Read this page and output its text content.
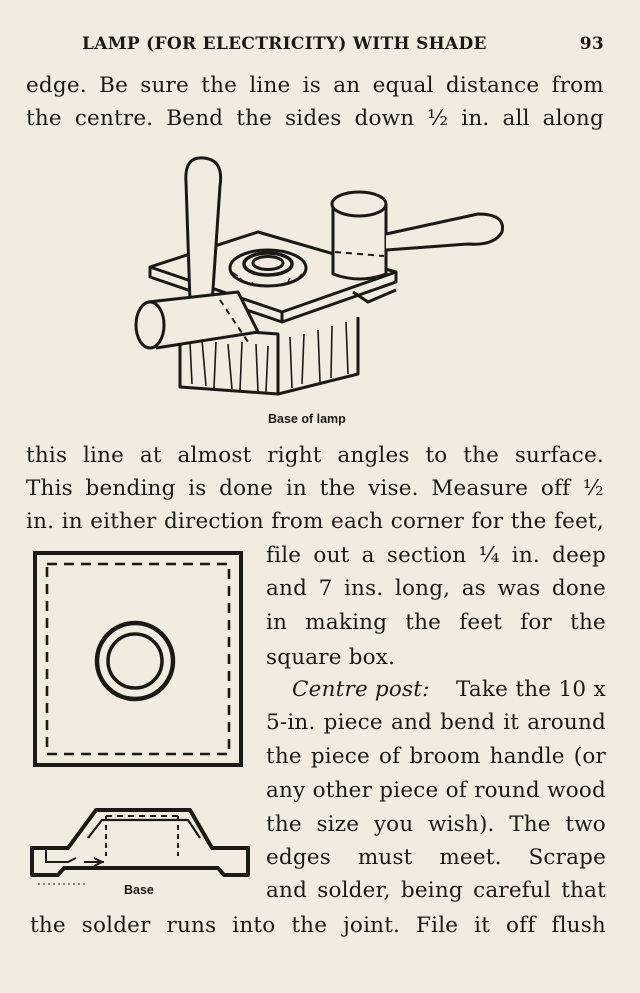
LAMP (FOR ELECTRICITY) WITH SHADE	93
edge. Be sure the line is an equal distance from
the centre. Bend the sides down ½ in. all along
Base of lamp
this line at almost right angles to the surface.
This bending is done in the vise. Measure off ½
in. in either direction from each corner for the feet,
Base
file out a section ¼ in. deep
and 7 ins. long, as was done
in making the feet for the
square box.
Centre post: Take the 10 x
5-in. piece and bend it around
the piece of broom handle (or
any other piece of round wood
the size you wish). The two
edges must meet. Scrape
and solder, being careful that
the solder runs into the joint. File it off flush
